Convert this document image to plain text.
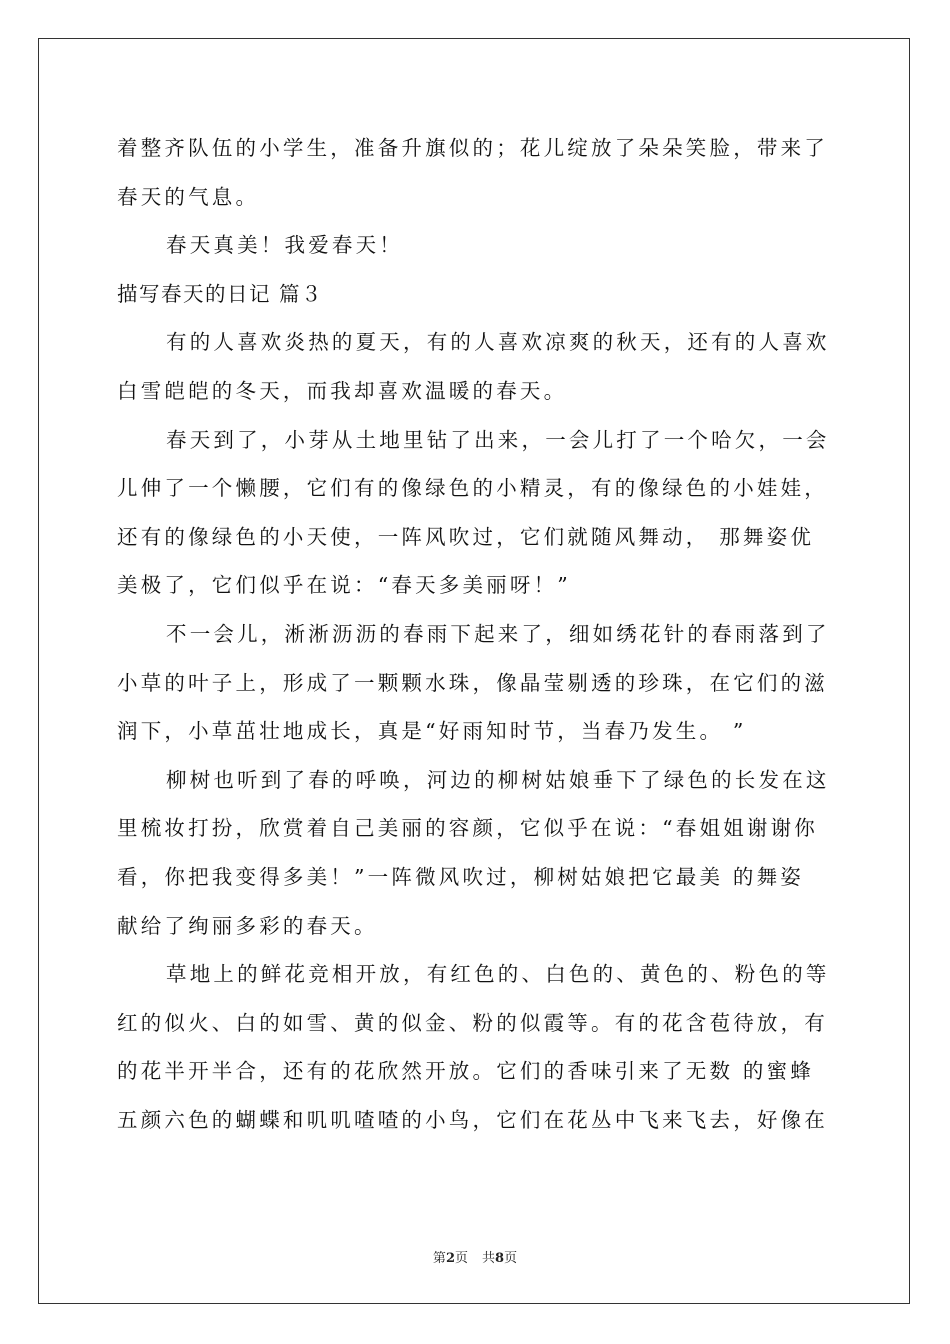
着整齐队伍的小学生，准备升旗似的；花儿绽放了朵朵笑脸，带来了
春天的气息。
春天真美！我爱春天！
描写春天的日记 篇３
有的人喜欢炎热的夏天，有的人喜欢凉爽的秋天，还有的人喜欢
白雪皑皑的冬天，而我却喜欢温暖的春天。
春天到了，小芽从土地里钻了出来，一会儿打了一个哈欠，一会
儿伸了一个懒腰，它们有的像绿色的小精灵，有的像绿色的小娃娃，
还有的像绿色的小天使，一阵风吹过，它们就随风舞动， 那舞姿优
美极了，它们似乎在说：“春天多美丽呀！”
不一会儿，淅淅沥沥的春雨下起来了，细如绣花针的春雨落到了
小草的叶子上，形成了一颗颗水珠，像晶莹剔透的珍珠，在它们的滋
润下，小草茁壮地成长，真是“好雨知时节，当春乃发生。 ”
柳树也听到了春的呼唤，河边的柳树姑娘垂下了绿色的长发在这
里梳妆打扮，欣赏着自己美丽的容颜，它似乎在说：“春姐姐谢谢你
看，你把我变得多美！”一阵微风吹过，柳树姑娘把它最美 的舞姿
献给了绚丽多彩的春天。
草地上的鲜花竞相开放，有红色的、白色的、黄色的、粉色的等
红的似火、白的如雪、黄的似金、粉的似霞等。有的花含苞待放，有
的花半开半合，还有的花欣然开放。它们的香味引来了无数 的蜜蜂
五颜六色的蝴蝶和叽叽喳喳的小鸟，它们在花丛中飞来飞去，好像在
第2页 共8页
